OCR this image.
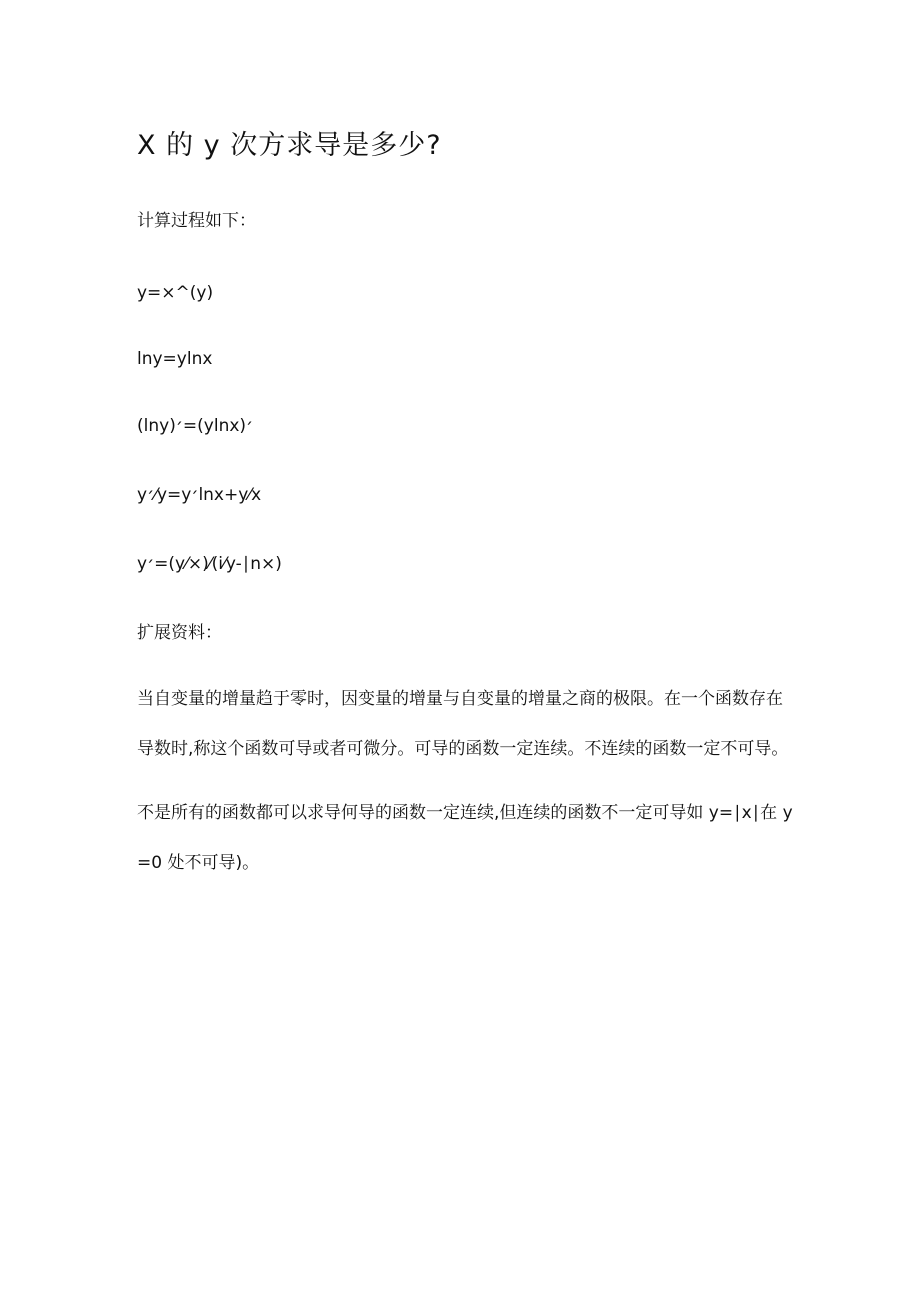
X 的 y 次方求导是多少?
计算过程如下：
y=×^(y)
lny=ylnx
(lny)׳=(ylnx)׳
y׳⁄y=y׳lnx+y⁄x
y׳=(y⁄×)⁄(i⁄y-∣n×)
扩展资料：
当自变量的增量趋于零时，因变量的增量与自变量的增量之商的极限。在一个函数存在导数时,称这个函数可导或者可微分。可导的函数一定连续。不连续的函数一定不可导。
不是所有的函数都可以求导何导的函数一定连续,但连续的函数不一定可导如 y=∣x∣在 y=0 处不可导)。
